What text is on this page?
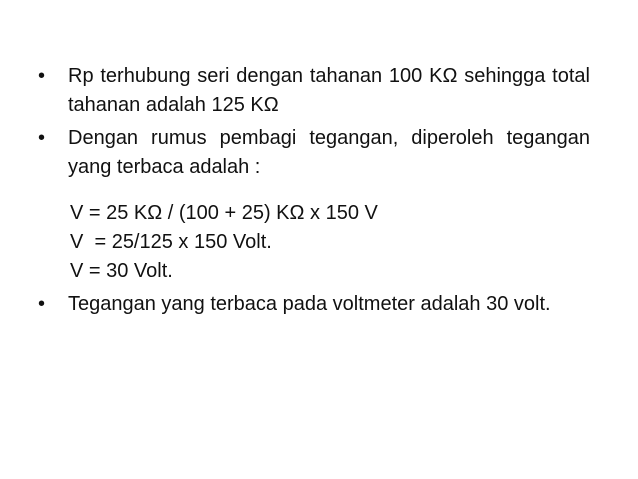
•	Rp terhubung seri dengan tahanan 100 KΩ sehingga total tahanan adalah 125 KΩ
•	Dengan rumus pembagi tegangan, diperoleh tegangan yang terbaca adalah :
V = 25 KΩ / (100 + 25) KΩ x 150 V
V  = 25/125 x 150 Volt.
V = 30 Volt.
•	Tegangan yang terbaca pada voltmeter adalah 30 volt.
